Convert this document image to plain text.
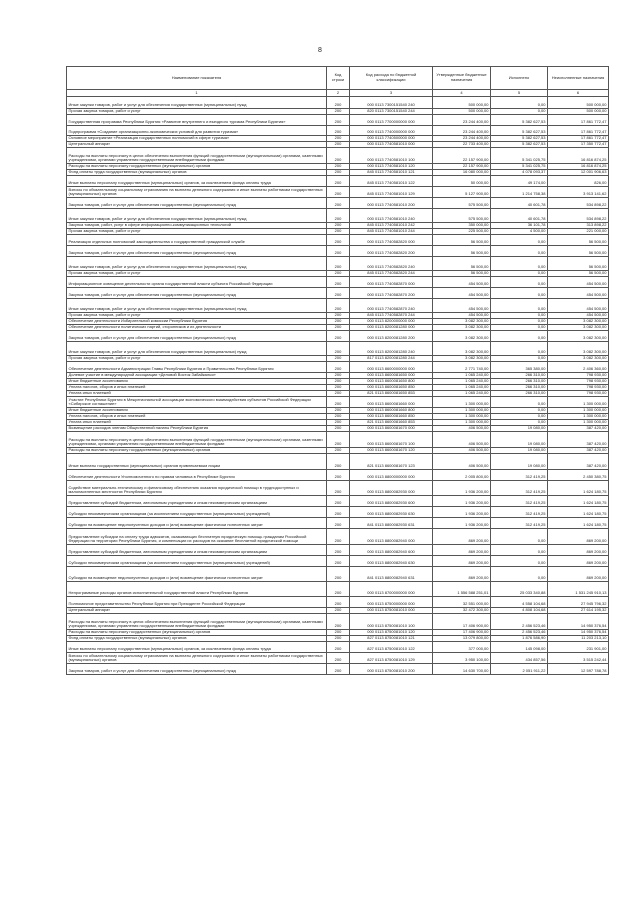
8
Наименование показателя	Код строки	Код расхода по бюджетной классификации	Утвержденные бюджетные назначения	Исполнено	Неисполненные назначения
1	2	3	4	5	6
Иные закупки товаров, работ и услуг для обеспечения государственных (муниципальных) нужд	200	000 0113 7300151540 240	500 000,00	0,00	500 000,00
Прочая закупка товаров, работ и услуг	200	820 0113 7300151540 244	500 000,00	0,00	500 000,00
Государственная программа Республики Бурятия «Развитие внутреннего и въездного туризма Республики Бурятия»	200	000 0113 7700000000 000	23 244 400,00	5 382 627,53	17 861 772,47
Подпрограмма «Создание организационно-экономических условий для развития туризма»	200	000 0113 7740000000 000	23 244 400,00	5 382 627,53	17 861 772,47
Основное мероприятие «Реализация государственных полномочий в сфере туризма»	200	000 0113 7740500000 000	23 244 400,00	5 382 627,53	17 861 772,47
Центральный аппарат	200	000 0113 7740581010 000	22 733 400,00	5 382 627,53	17 350 772,47
Расходы на выплаты персоналу в целях обеспечения выполнения функций государственными (муниципальными) органами, казенными учреждениями, органами управления государственными внебюджетными фондами	200	000 0113 7740581010 100	22 157 900,00	5 341 025,75	16 816 874,25
Расходы на выплаты персоналу государственных (муниципальных) органов	200	000 0113 7740581010 120	22 157 900,00	5 341 025,75	16 816 874,25
Фонд оплаты труда государственных (муниципальных) органов	200	845 0113 7740581010 121	16 080 000,00	4 078 093,37	12 001 906,63
Иные выплаты персоналу государственных (муниципальных) органов, за исключением фонда оплаты труда	200	845 0113 7740581010 122	50 000,00	49 174,00	826,00
Взносы по обязательному социальному страхованию на выплаты денежного содержания и иные выплаты работникам государственных (муниципальных) органов	200	845 0113 7740581010 129	5 127 900,00	1 214 758,38	3 913 141,62
Закупка товаров, работ и услуг для обеспечения государственных (муниципальных) нужд	200	000 0113 7740581010 200	575 500,00	40 601,78	534 898,22
Иные закупки товаров, работ и услуг для обеспечения государственных (муниципальных) нужд	200	000 0113 7740581010 240	575 500,00	40 601,78	534 898,22
Закупка товаров, работ, услуг в сфере информационно-коммуникационных технологий	200	845 0113 7740581010 242	350 000,00	36 101,78	313 898,22
Прочая закупка товаров, работ и услуг	200	845 0113 7740581010 244	225 500,00	4 500,00	221 000,00
Реализация отдельных полномочий законодательства о государственной гражданской службе	200	000 0113 7740582820 000	56 500,00	0,00	56 500,00
Закупка товаров, работ и услуг для обеспечения государственных (муниципальных) нужд	200	000 0113 7740582820 200	56 500,00	0,00	56 500,00
Иные закупки товаров, работ и услуг для обеспечения государственных (муниципальных) нужд	200	000 0113 7740582820 240	56 500,00	0,00	56 500,00
Прочая закупка товаров, работ и услуг	200	845 0113 7740582820 244	56 500,00	0,00	56 500,00
Информационное освещение деятельности органа государственной власти субъекта Российской Федерации	200	000 0113 7740582870 000	454 500,00	0,00	454 500,00
Закупка товаров, работ и услуг для обеспечения государственных (муниципальных) нужд	200	000 0113 7740582870 200	454 500,00	0,00	454 500,00
Иные закупки товаров, работ и услуг для обеспечения государственных (муниципальных) нужд	200	000 0113 7740582870 240	454 500,00	0,00	454 500,00
Прочая закупка товаров, работ и услуг	200	845 0113 7740582870 244	454 500,00	0,00	454 500,00
Обеспечение деятельности Избирательной комиссии Республики Бурятия	200	000 0113 8200000000 000	3 082 300,00	0,00	3 082 300,00
Обеспечение деятельности политических партий, сторонников и их деятельности	200	000 0113 8200081280 000	3 082 300,00	0,00	3 082 300,00
Закупка товаров, работ и услуг для обеспечения государственных (муниципальных) нужд	200	000 0113 8200081280 200	3 082 300,00	0,00	3 082 300,00
Иные закупки товаров, работ и услуг для обеспечения государственных (муниципальных) нужд	200	000 0113 8200081280 240	3 082 300,00	0,00	3 082 300,00
Прочая закупка товаров, работ и услуг	200	817 0113 8200081280 244	3 082 300,00	0,00	3 082 300,00
Обеспечение деятельности Администрации Главы Республики Бурятия и Правительства Республики Бурятия	200	000 0113 8600000000 000	2 771 740,00	365 380,00	2 406 360,00
Долевое участие в международной ассоциации «Деловой Восток Забайкалья»	200	000 0113 8600081650 000	1 065 240,00	266 310,00	798 930,00
Иные бюджетные ассигнования	200	000 0113 8600081650 800	1 065 240,00	266 310,00	798 930,00
Уплата налогов, сборов и иных платежей	200	000 0113 8600081650 850	1 065 240,00	266 310,00	798 930,00
Уплата иных платежей	200	821 0113 8600081650 853	1 065 240,00	266 310,00	798 930,00
Участие Республики Бурятия в Межрегиональной ассоциации экономического взаимодействия субъектов Российской Федерации «Сибирское соглашение»	200	000 0113 8600081660 000	1 300 000,00	0,00	1 300 000,00
Иные бюджетные ассигнования	200	000 0113 8600081660 800	1 300 000,00	0,00	1 300 000,00
Уплата налогов, сборов и иных платежей	200	000 0113 8600081660 850	1 300 000,00	0,00	1 300 000,00
Уплата иных платежей	200	821 0113 8600081660 853	1 300 000,00	0,00	1 300 000,00
Возмещение расходов членам Общественной палаты Республики Бурятия	200	000 0113 8600081670 000	406 500,00	19 080,00	387 420,00
Расходы на выплаты персоналу в целях обеспечения выполнения функций государственными (муниципальными) органами, казенными учреждениями, органами управления государственными внебюджетными фондами	200	000 0113 8600081670 100	406 500,00	19 080,00	387 420,00
Расходы на выплаты персоналу государственных (муниципальных) органов	200	000 0113 8600081670 120	406 500,00	19 080,00	387 420,00
Иные выплаты государственных (муниципальных) органов привлекаемым лицам	200	821 0113 8600081670 123	406 500,00	19 080,00	387 420,00
Обеспечение деятельности Уполномоченного по правам человека в Республике Бурятия	200	000 0113 8800000000 000	2 005 800,00	312 419,25	2 450 380,75
Содействие материально-техническому и финансовому обеспечению оказания юридической помощи в труднодоступных и малонаселенных местностях Республики Бурятия	200	000 0113 8800082930 000	1 936 200,00	312 419,25	1 624 180,75
Предоставление субсидий бюджетным, автономным учреждениям и иным некоммерческим организациям	200	000 0113 8800082930 600	1 936 200,00	312 419,25	1 624 180,75
Субсидии некоммерческим организациям (за исключением государственных (муниципальных) учреждений)	200	000 0113 8800082930 630	1 936 200,00	312 419,25	1 624 180,75
Субсидии на возмещение недополученных доходов и (или) возмещение фактически понесенных затрат	200	841 0113 8800082930 631	1 936 200,00	312 419,25	1 624 180,75
Предоставление субсидии на оплату труда адвокатов, оказывающих бесплатную юридическую помощь гражданам Российской Федерации на территории Республики Бурятия, и компенсации их расходов на оказание бесплатной юридической помощи	200	000 0113 8800082940 000	869 200,00	0,00	869 200,00
Предоставление субсидий бюджетным, автономным учреждениям и иным некоммерческим организациям	200	000 0113 8800082940 600	869 200,00	0,00	869 200,00
Субсидии некоммерческим организациям (за исключением государственных (муниципальных) учреждений)	200	000 0113 8800082940 630	869 200,00	0,00	869 200,00
Субсидии на возмещение недополученных доходов и (или) возмещение фактически понесенных затрат	200	841 0113 8800082940 631	869 200,00	0,00	869 200,00
Непрограммные расходы органов исполнительной государственной власти Республики Бурятия	200	000 0113 8700000000 000	1 556 588 251,01	25 033 340,88	1 531 245 910,13
Полномочное представительство Республики Бурятия при Президенте Российской Федерации	200	000 0113 8750000000 000	32 551 000,00	4 558 104,68	27 945 796,32
Центральный аппарат	200	000 0113 8750081010 000	32 472 300,00	4 808 104,68	27 614 195,32
Расходы на выплаты персоналу в целях обеспечения выполнения функций государственными (муниципальными) органами, казенными учреждениями, органами управления государственными внебюджетными фондами	200	000 0113 8750081010 100	17 406 900,00	2 456 523,46	14 950 376,54
Расходы на выплаты персоналу государственных (муниципальных) органов	200	000 0113 8750081010 120	17 406 900,00	2 456 523,46	14 950 376,54
Фонд оплаты труда государственных (муниципальных) органов	200	827 0113 8750081010 121	13 079 800,00	1 876 586,90	11 203 213,10
Иные выплаты персоналу государственных (муниципальных) органов, за исключением фонда оплаты труда	200	827 0113 8750081010 122	377 000,00	145 098,00	231 901,00
Взносы по обязательному социальному страхованию на выплаты денежного содержания и иные выплаты работникам государственных (муниципальных) органов	200	827 0113 8750081010 129	3 950 100,00	434 857,56	3 515 242,44
Закупка товаров, работ и услуг для обеспечения государственных (муниципальных) нужд	200	000 0113 8750081010 200	14 630 700,00	2 051 911,22	12 597 788,78
